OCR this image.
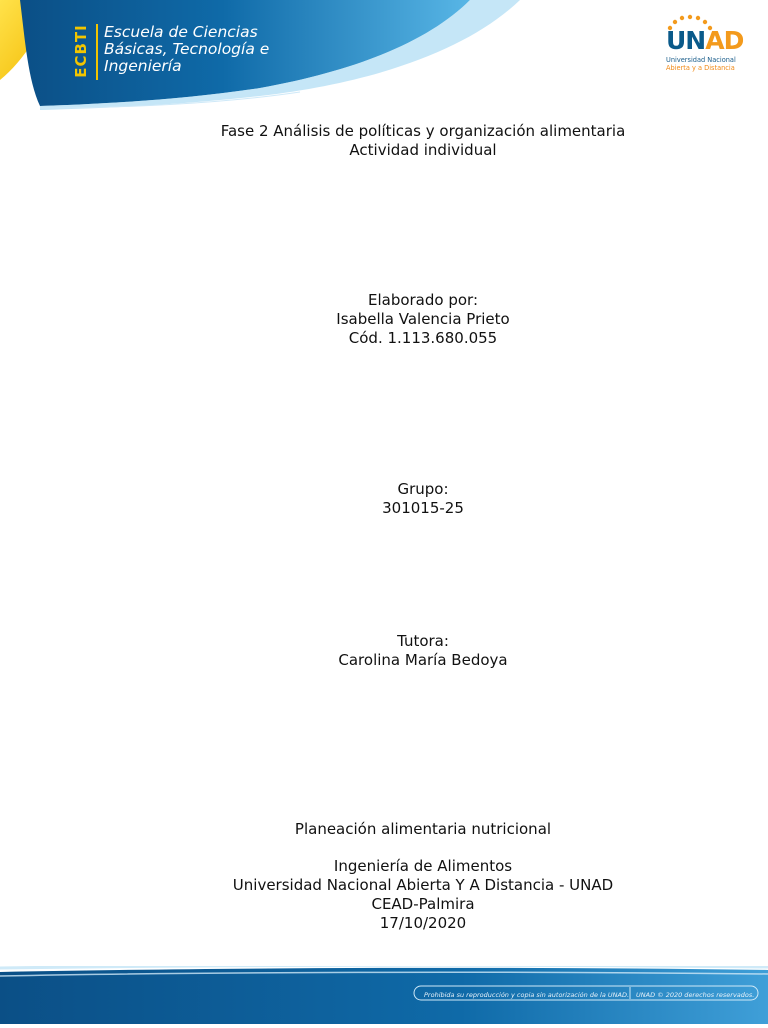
ECBTI Escuela de Ciencias
Básicas, Tecnología e
Ingeniería
UNAD
Universidad Nacional
Abierta y a Distancia
Fase 2 Análisis de políticas y organización alimentaria
Actividad individual
Elaborado por:
Isabella Valencia Prieto
Cód. 1.113.680.055
Grupo:
301015-25
Tutora:
Carolina María Bedoya
Planeación alimentaria nutricional
Ingeniería de Alimentos
Universidad Nacional Abierta Y A Distancia - UNAD
CEAD-Palmira
17/10/2020
Prohibida su reproducción y copia sin autorización de la UNAD. UNAD © 2020 derechos reservados.
